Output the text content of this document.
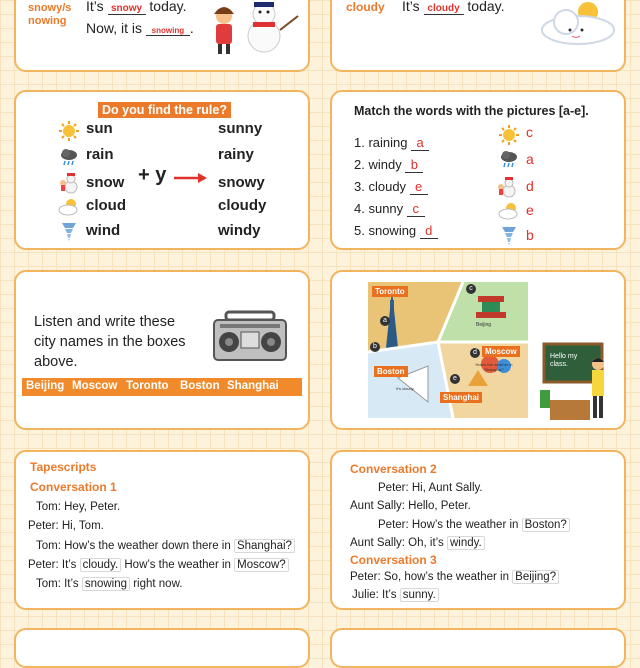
snowy/s
nowing
It’s snowy today.
Now, it is snowing .
cloudy It’s cloudy today.
Do you find the rule?
sun	sunny
rain	rainy
snow	snowy
cloud	cloudy
wind	windy
+ y
Match the words with the pictures [a-e].
1. raining a
2. windy b
3. cloudy e
4. sunny c
5. snowing d
c
a
d
e
b
Listen and write these city names in the boxes above.
Beijing Moscow Toronto Boston Shanghai
Toronto
Moscow
Boston
Shanghai
Beijing
How's the weather in Shanghai?
It's cloudy.
a
b
c
d
e
Hello my class.
Tapescripts
Conversation 1
Tom: Hey, Peter.
Peter: Hi, Tom.
Tom: How’s the weather down there in Shanghai?
Peter: It’s cloudy. How’s the weather in Moscow?
Tom: It’s snowing right now.
Conversation 2
Peter: Hi, Aunt Sally.
Aunt Sally: Hello, Peter.
Peter: How’s the weather in Boston?
Aunt Sally: Oh, it’s windy.
Conversation 3
Peter: So, how’s the weather in Beijing?
Julie: It’s sunny.
